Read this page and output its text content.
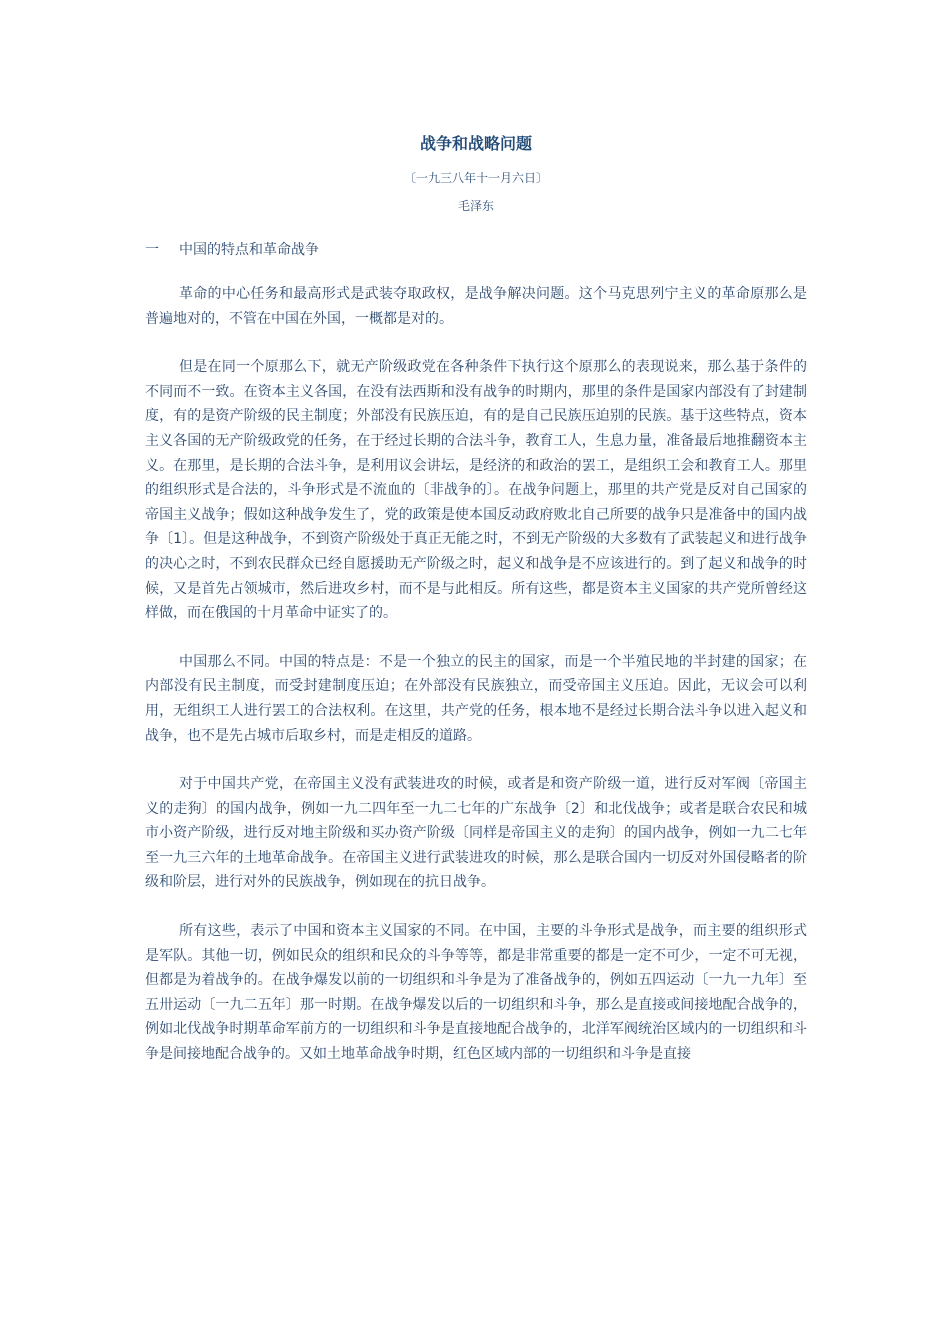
战争和战略问题
〔一九三八年十一月六日〕
毛泽东
一 中国的特点和革命战争

革命的中心任务和最高形式是武装夺取政权，是战争解决问题。这个马克思列宁主义的革命原那么是普遍地对的，不管在中国在外国，一概都是对的。

但是在同一个原那么下，就无产阶级政党在各种条件下执行这个原那么的表现说来，那么基于条件的不同而不一致。在资本主义各国，在没有法西斯和没有战争的时期内，那里的条件是国家内部没有了封建制度，有的是资产阶级的民主制度；外部没有民族压迫，有的是自己民族压迫别的民族。基于这些特点，资本主义各国的无产阶级政党的任务，在于经过长期的合法斗争，教育工人，生息力量，准备最后地推翻资本主义。在那里，是长期的合法斗争，是利用议会讲坛，是经济的和政治的罢工，是组织工会和教育工人。那里的组织形式是合法的，斗争形式是不流血的〔非战争的〕。在战争问题上，那里的共产党是反对自己国家的帝国主义战争；假如这种战争发生了，党的政策是使本国反动政府败北自己所要的战争只是准备中的国内战争〔1〕。但是这种战争，不到资产阶级处于真正无能之时，不到无产阶级的大多数有了武装起义和进行战争的决心之时，不到农民群众已经自愿援助无产阶级之时，起义和战争是不应该进行的。到了起义和战争的时候，又是首先占领城市，然后进攻乡村，而不是与此相反。所有这些，都是资本主义国家的共产党所曾经这样做，而在俄国的十月革命中证实了的。

中国那么不同。中国的特点是：不是一个独立的民主的国家，而是一个半殖民地的半封建的国家；在内部没有民主制度，而受封建制度压迫；在外部没有民族独立，而受帝国主义压迫。因此，无议会可以利用，无组织工人进行罢工的合法权利。在这里，共产党的任务，根本地不是经过长期合法斗争以进入起义和战争，也不是先占城市后取乡村，而是走相反的道路。

对于中国共产党，在帝国主义没有武装进攻的时候，或者是和资产阶级一道，进行反对军阀〔帝国主义的走狗〕的国内战争，例如一九二四年至一九二七年的广东战争〔2〕和北伐战争；或者是联合农民和城市小资产阶级，进行反对地主阶级和买办资产阶级〔同样是帝国主义的走狗〕的国内战争，例如一九二七年至一九三六年的土地革命战争。在帝国主义进行武装进攻的时候，那么是联合国内一切反对外国侵略者的阶级和阶层，进行对外的民族战争，例如现在的抗日战争。

所有这些，表示了中国和资本主义国家的不同。在中国，主要的斗争形式是战争，而主要的组织形式是军队。其他一切，例如民众的组织和民众的斗争等等，都是非常重要的都是一定不可少，一定不可无视，但都是为着战争的。在战争爆发以前的一切组织和斗争是为了准备战争的，例如五四运动〔一九一九年〕至五卅运动〔一九二五年〕那一时期。在战争爆发以后的一切组织和斗争，那么是直接或间接地配合战争的，例如北伐战争时期革命军前方的一切组织和斗争是直接地配合战争的，北洋军阀统治区域内的一切组织和斗争是间接地配合战争的。又如土地革命战争时期，红色区域内部的一切组织和斗争是直接
